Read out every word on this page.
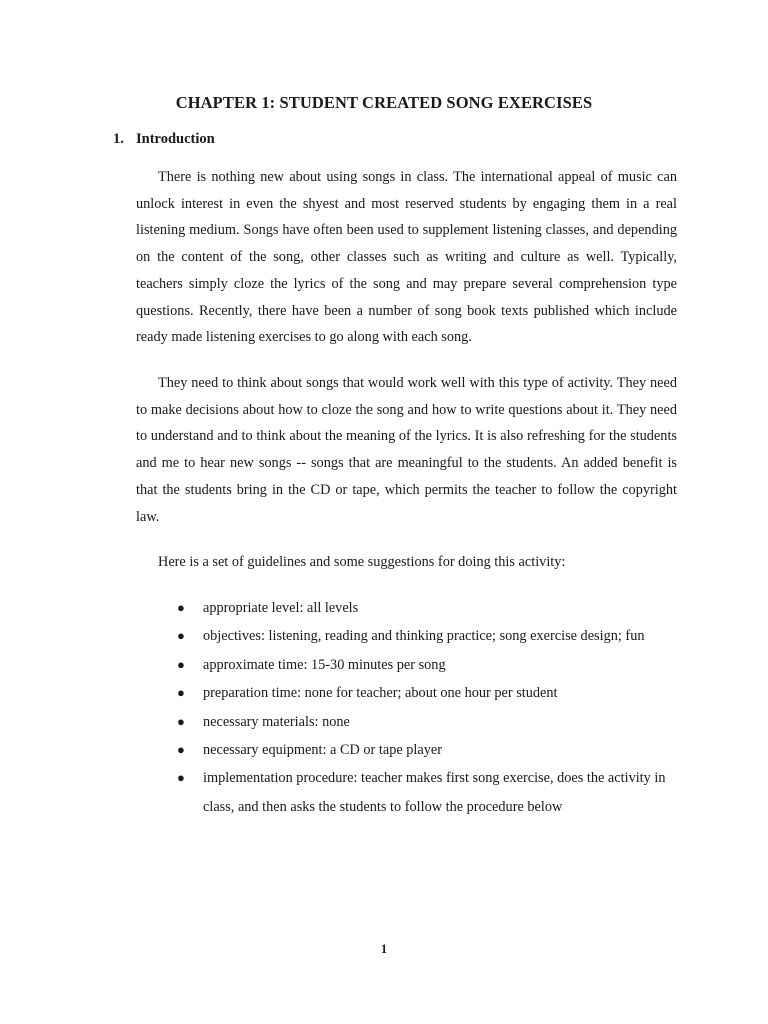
CHAPTER 1: STUDENT CREATED SONG EXERCISES
1. Introduction

There is nothing new about using songs in class. The international appeal of music can unlock interest in even the shyest and most reserved students by engaging them in a real listening medium. Songs have often been used to supplement listening classes, and depending on the content of the song, other classes such as writing and culture as well. Typically, teachers simply cloze the lyrics of the song and may prepare several comprehension type questions. Recently, there have been a number of song book texts published which include ready made listening exercises to go along with each song.

They need to think about songs that would work well with this type of activity. They need to make decisions about how to cloze the song and how to write questions about it. They need to understand and to think about the meaning of the lyrics. It is also refreshing for the students and me to hear new songs -- songs that are meaningful to the students. An added benefit is that the students bring in the CD or tape, which permits the teacher to follow the copyright law.

Here is a set of guidelines and some suggestions for doing this activity:

● appropriate level: all levels
● objectives: listening, reading and thinking practice; song exercise design; fun
● approximate time: 15-30 minutes per song
● preparation time: none for teacher; about one hour per student
● necessary materials: none
● necessary equipment: a CD or tape player
● implementation procedure: teacher makes first song exercise, does the activity in class, and then asks the students to follow the procedure below
1
